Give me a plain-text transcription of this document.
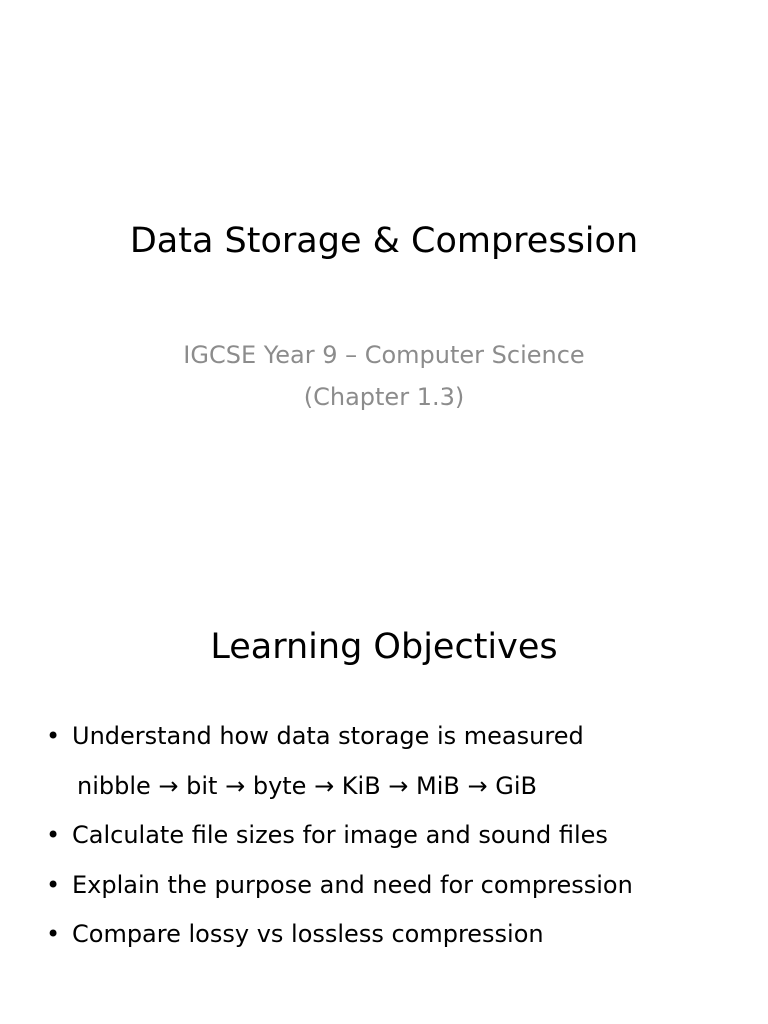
Data Storage & Compression
IGCSE Year 9 – Computer Science
(Chapter 1.3)
Learning Objectives
• Understand how data storage is measured
nibble → bit → byte → KiB → MiB → GiB
• Calculate file sizes for image and sound files
• Explain the purpose and need for compression
• Compare lossy vs lossless compression
